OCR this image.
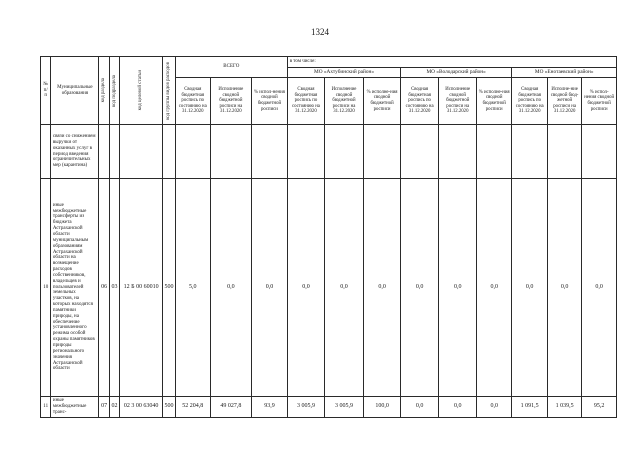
1324
№ п/п	Муниципальные образования	код раздела	код подраздела	код целевой статьи	код группы видов расходов	ВСЕГО			в том числе:								
									МО «Ахтубинский район»			МО «Володарский район»			МО «Енотаевский район»		
						Сводная бюджетная роспись по состоянию на 31.12.2020	Исполнение сводной бюджетной росписи на 31.12.2020	% испол-нения сводной бюджетной росписи	Сводная бюджетная роспись по состоянию на 31.12.2020	Исполнение сводной бюджетной росписи на 31.12.2020	% исполне-ния сводной бюджетной росписи	Сводная бюджетная роспись по состоянию на 31.12.2020	Исполнение сводной бюджетной росписи на 31.12.2020	% исполне-ния сводной бюджетной росписи	Сводная бюджетная роспись по состоянию на 31.12.2020	Исполне-ние сводной бюд-жетной росписи на 31.12.2020	% испол-нения сводной бюджетной росписи
	связи со снижением выручки от оказанных услуг в период введения ограничительных мер (карантина)																
10	иные межбюджетные трансферты из бюджета Астраханской области муниципальным образованиям Астраханской области на возмещение расходов собственников, владельцев и пользователей земельных участков, на которых находятся памятники природы, на обеспечение установленного режима особой охраны памятников природы регионального значения Астраханской области	06	03	12 Б 00 60010	500	5,0	0,0	0,0	0,0	0,0	0,0	0,0	0,0	0,0	0,0	0,0	0,0
11	иные межбюджетные транс-	07	02	02 3 00 63040	500	52 204,8	49 027,8	93,9	3 005,9	3 005,9	100,0	0,0	0,0	0,0	1 091,5	1 039,5	95,2
